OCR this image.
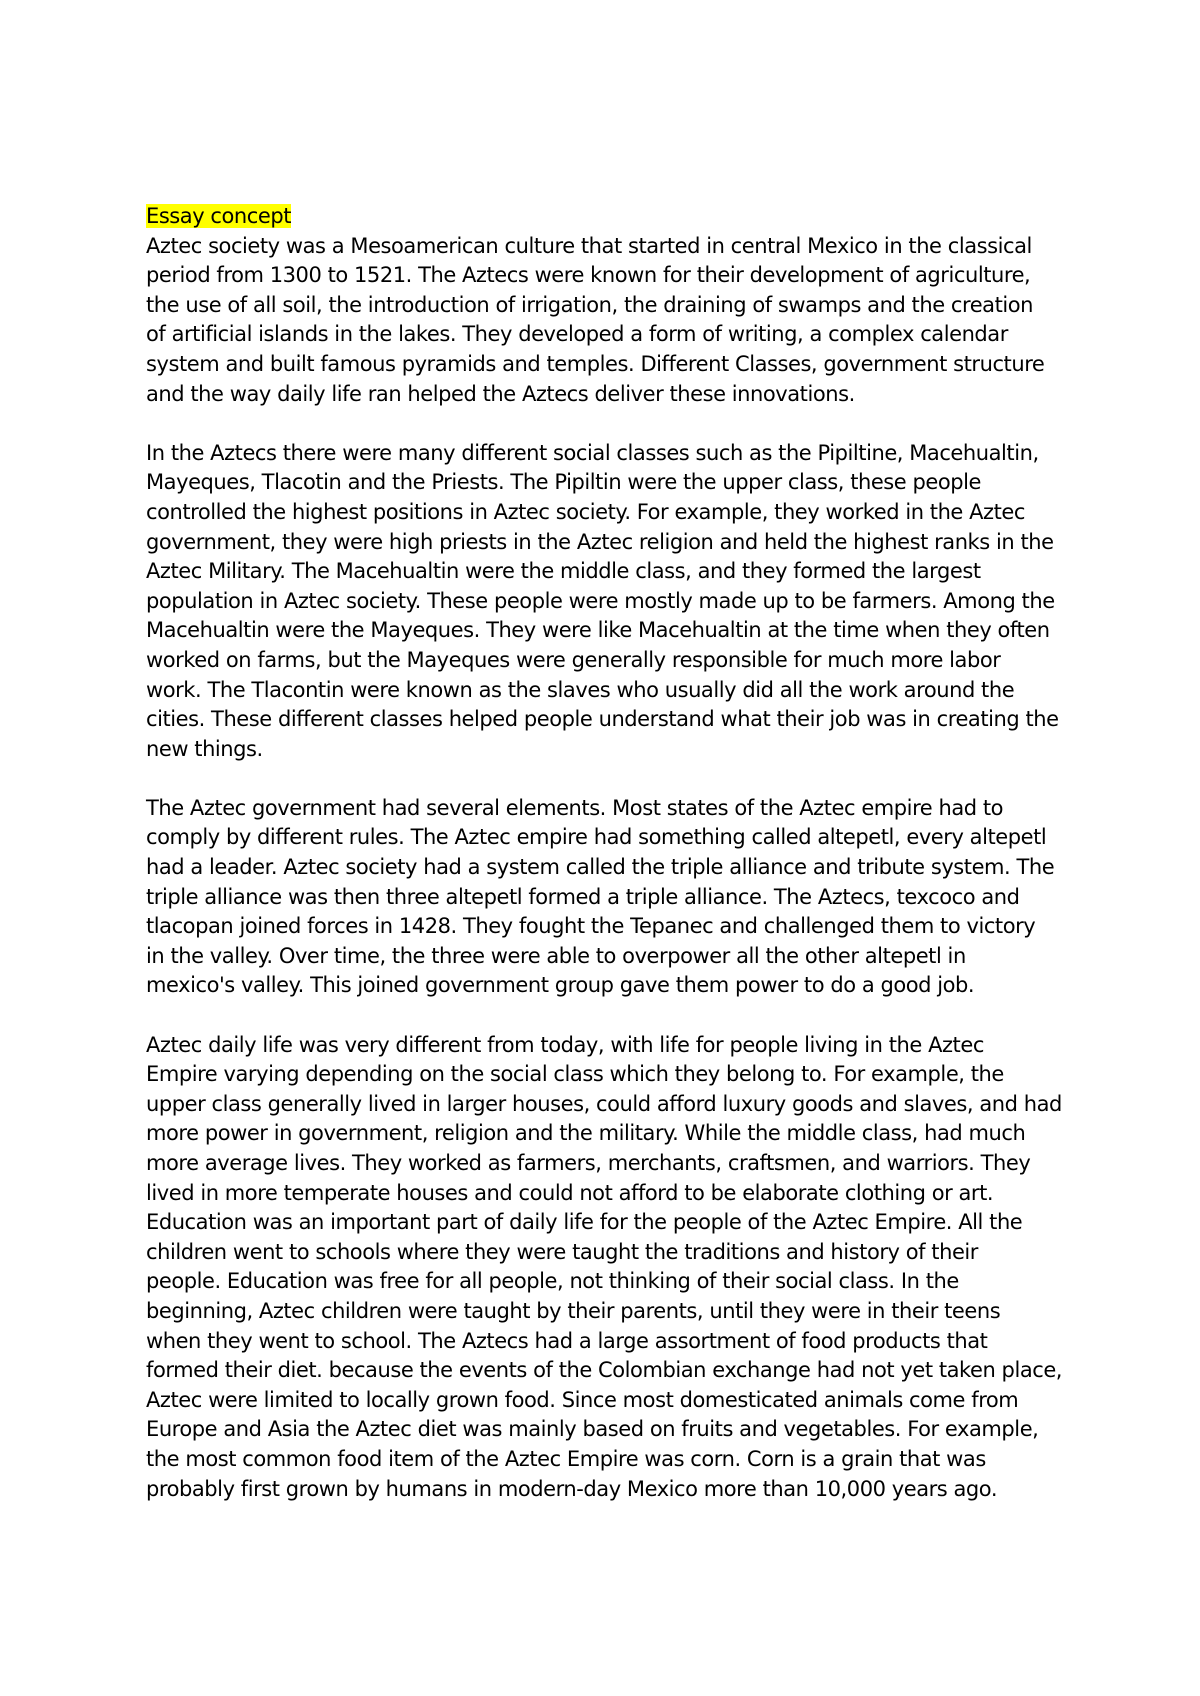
Essay concept
Aztec society was a Mesoamerican culture that started in central Mexico in the classical
period from 1300 to 1521. The Aztecs were known for their development of agriculture,
the use of all soil, the introduction of irrigation, the draining of swamps and the creation
of artificial islands in the lakes. They developed a form of writing, a complex calendar
system and built famous pyramids and temples. Different Classes, government structure
and the way daily life ran helped the Aztecs deliver these innovations.
In the Aztecs there were many different social classes such as the Pipiltine, Macehualtin,
Mayeques, Tlacotin and the Priests. The Pipiltin were the upper class, these people
controlled the highest positions in Aztec society. For example, they worked in the Aztec
government, they were high priests in the Aztec religion and held the highest ranks in the
Aztec Military. The Macehualtin were the middle class, and they formed the largest
population in Aztec society. These people were mostly made up to be farmers. Among the
Macehualtin were the Mayeques. They were like Macehualtin at the time when they often
worked on farms, but the Mayeques were generally responsible for much more labor
work. The Tlacontin were known as the slaves who usually did all the work around the
cities. These different classes helped people understand what their job was in creating the
new things.
The Aztec government had several elements. Most states of the Aztec empire had to
comply by different rules. The Aztec empire had something called altepetl, every altepetl
had a leader. Aztec society had a system called the triple alliance and tribute system. The
triple alliance was then three altepetl formed a triple alliance. The Aztecs, texcoco and
tlacopan joined forces in 1428. They fought the Tepanec and challenged them to victory
in the valley. Over time, the three were able to overpower all the other altepetl in
mexico's valley. This joined government group gave them power to do a good job.
Aztec daily life was very different from today, with life for people living in the Aztec
Empire varying depending on the social class which they belong to. For example, the
upper class generally lived in larger houses, could afford luxury goods and slaves, and had
more power in government, religion and the military. While the middle class, had much
more average lives. They worked as farmers, merchants, craftsmen, and warriors. They
lived in more temperate houses and could not afford to be elaborate clothing or art.
Education was an important part of daily life for the people of the Aztec Empire. All the
children went to schools where they were taught the traditions and history of their
people. Education was free for all people, not thinking of their social class. In the
beginning, Aztec children were taught by their parents, until they were in their teens
when they went to school. The Aztecs had a large assortment of food products that
formed their diet. because the events of the Colombian exchange had not yet taken place,
Aztec were limited to locally grown food. Since most domesticated animals come from
Europe and Asia the Aztec diet was mainly based on fruits and vegetables. For example,
the most common food item of the Aztec Empire was corn. Corn is a grain that was
probably first grown by humans in modern-day Mexico more than 10,000 years ago.
